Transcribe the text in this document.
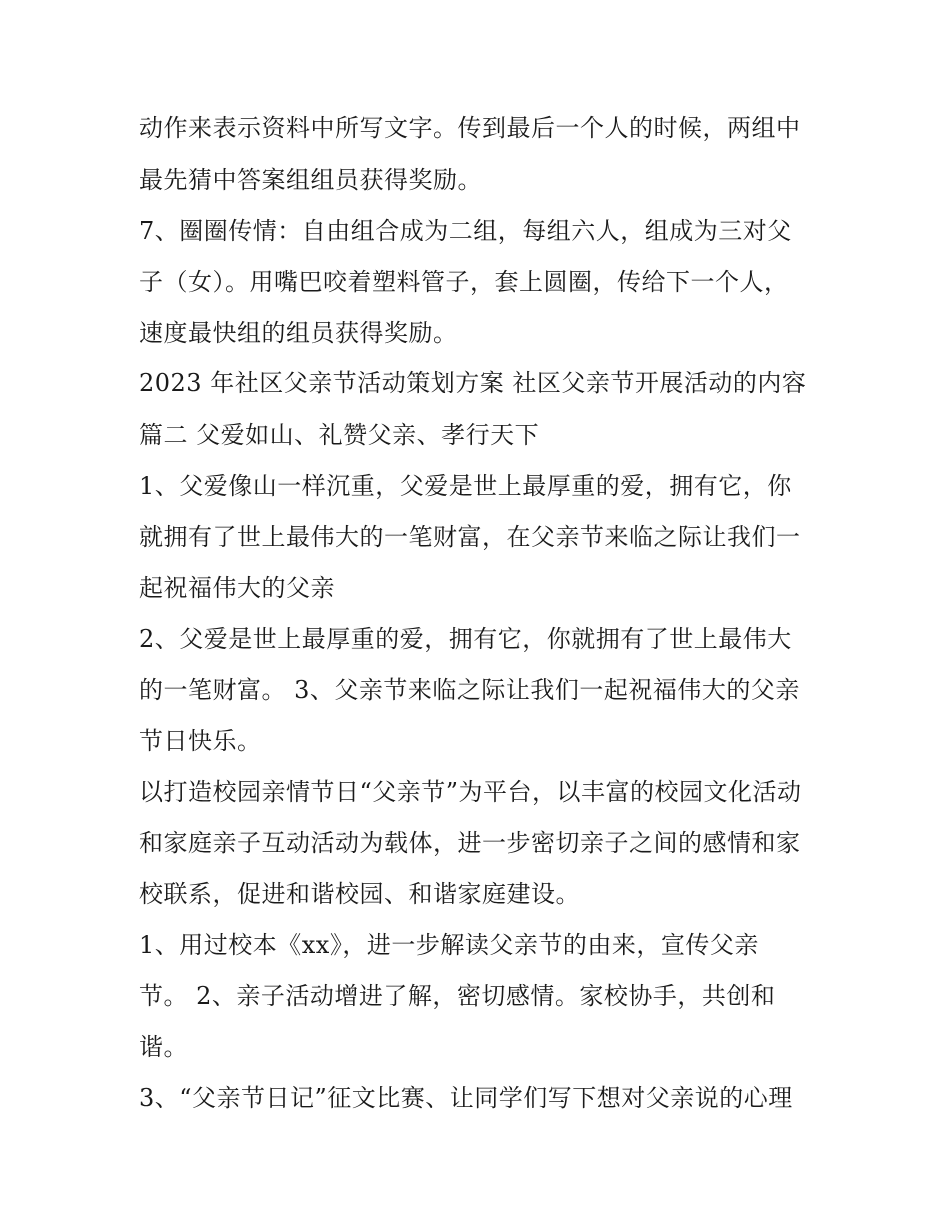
动作来表示资料中所写文字。传到最后一个人的时候，两组中
最先猜中答案组组员获得奖励。
7、圈圈传情：自由组合成为二组，每组六人，组成为三对父
子（女）。用嘴巴咬着塑料管子，套上圆圈，传给下一个人，
速度最快组的组员获得奖励。
2023 年社区父亲节活动策划方案 社区父亲节开展活动的内容
篇二 父爱如山、礼赞父亲、孝行天下
1、父爱像山一样沉重，父爱是世上最厚重的爱，拥有它，你
就拥有了世上最伟大的一笔财富，在父亲节来临之际让我们一
起祝福伟大的父亲
2、父爱是世上最厚重的爱，拥有它，你就拥有了世上最伟大
的一笔财富。 3、父亲节来临之际让我们一起祝福伟大的父亲
节日快乐。
以打造校园亲情节日“父亲节”为平台，以丰富的校园文化活动
和家庭亲子互动活动为载体，进一步密切亲子之间的感情和家
校联系，促进和谐校园、和谐家庭建设。
1、用过校本《xx》，进一步解读父亲节的由来，宣传父亲
节。 2、亲子活动增进了解，密切感情。家校协手，共创和
谐。
3、“父亲节日记”征文比赛、让同学们写下想对父亲说的心理
